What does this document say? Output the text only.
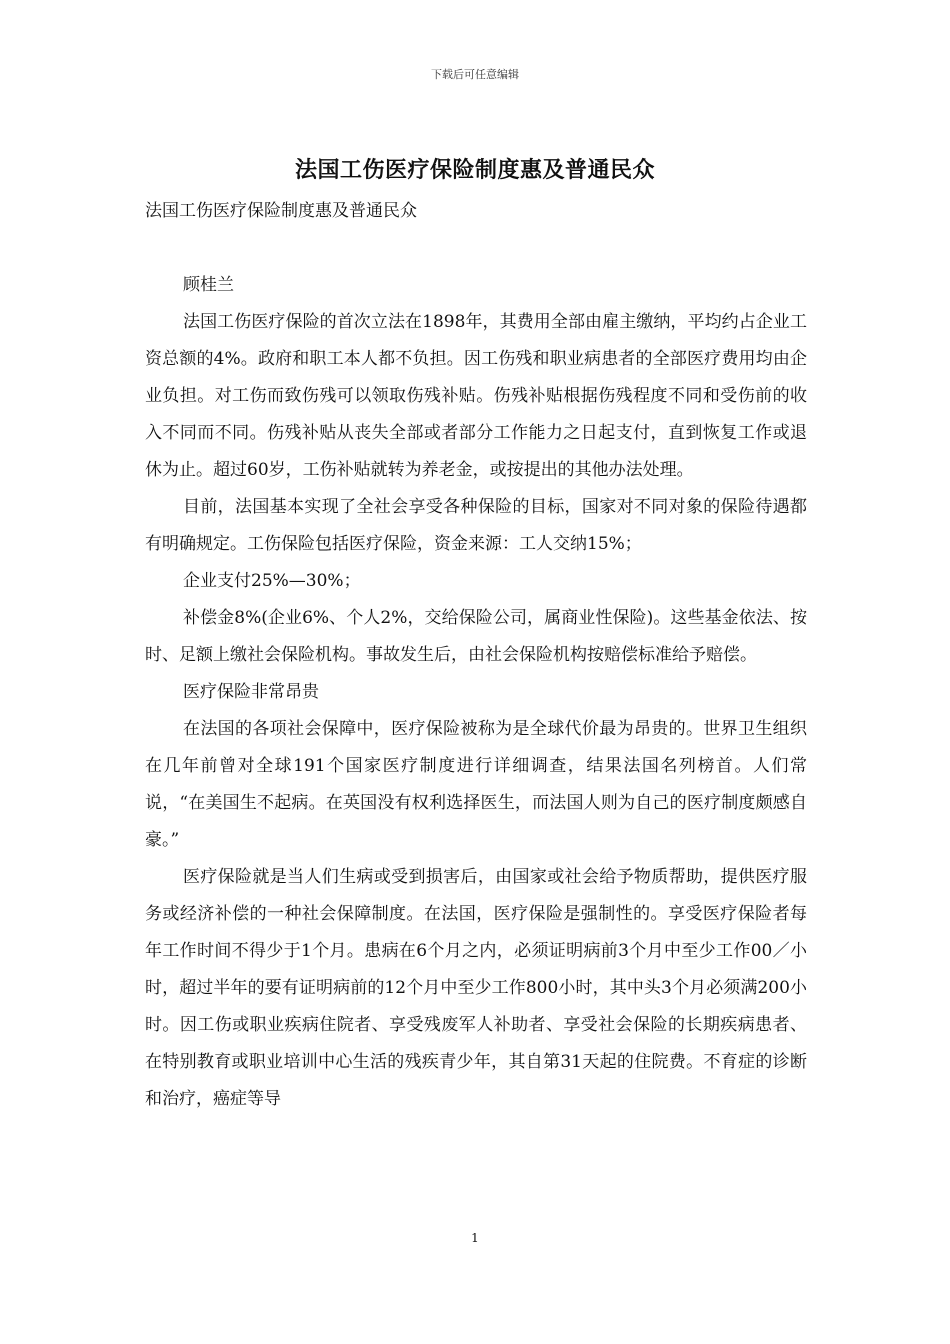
下载后可任意编辑
法国工伤医疗保险制度惠及普通民众

法国工伤医疗保险制度惠及普通民众

顾桂兰

法国工伤医疗保险的首次立法在1898年，其费用全部由雇主缴纳，平均约占企业工资总额的4%。政府和职工本人都不负担。因工伤残和职业病患者的全部医疗费用均由企业负担。对工伤而致伤残可以领取伤残补贴。伤残补贴根据伤残程度不同和受伤前的收入不同而不同。伤残补贴从丧失全部或者部分工作能力之日起支付，直到恢复工作或退休为止。超过60岁，工伤补贴就转为养老金，或按提出的其他办法处理。

目前，法国基本实现了全社会享受各种保险的目标，国家对不同对象的保险待遇都有明确规定。工伤保险包括医疗保险，资金来源：工人交纳15%；

企业支付25%—30%；

补偿金8%(企业6%、个人2%，交给保险公司，属商业性保险)。这些基金依法、按时、足额上缴社会保险机构。事故发生后，由社会保险机构按赔偿标准给予赔偿。

医疗保险非常昂贵

在法国的各项社会保障中，医疗保险被称为是全球代价最为昂贵的。世界卫生组织在几年前曾对全球191个国家医疗制度进行详细调查，结果法国名列榜首。人们常说，“在美国生不起病。在英国没有权利选择医生，而法国人则为自己的医疗制度颇感自豪。”

医疗保险就是当人们生病或受到损害后，由国家或社会给予物质帮助，提供医疗服务或经济补偿的一种社会保障制度。在法国，医疗保险是强制性的。享受医疗保险者每年工作时间不得少于1个月。患病在6个月之内，必须证明病前3个月中至少工作00／小时，超过半年的要有证明病前的12个月中至少工作800小时，其中头3个月必须满200小时。因工伤或职业疾病住院者、享受残废军人补助者、享受社会保险的长期疾病患者、在特别教育或职业培训中心生活的残疾青少年，其自第31天起的住院费。不育症的诊断和治疗，癌症等导

1
